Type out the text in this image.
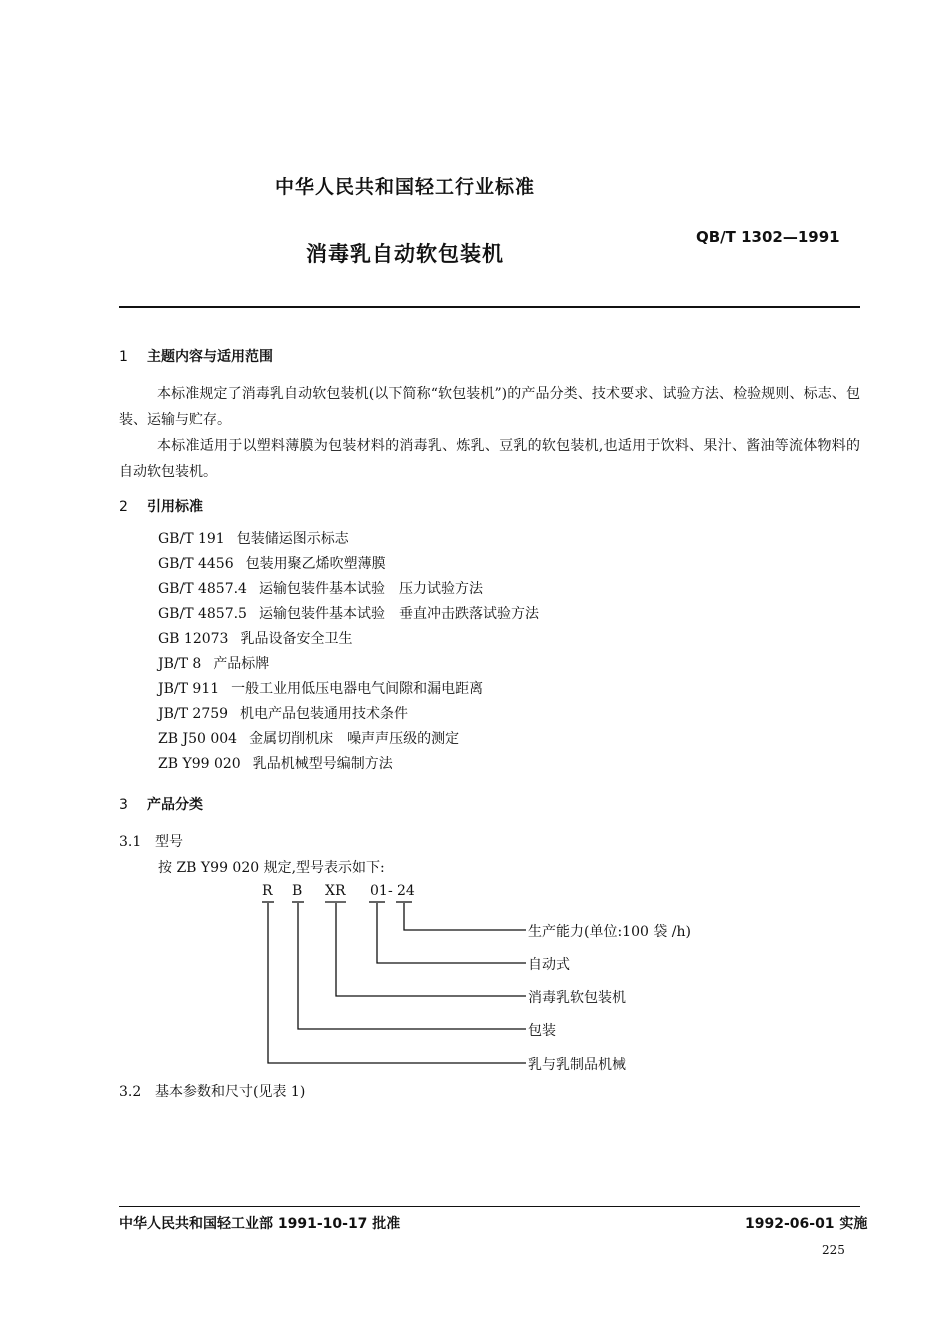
中华人民共和国轻工行业标准
QB/T 1302—1991
消毒乳自动软包装机
1 主题内容与适用范围
本标准规定了消毒乳自动软包装机(以下简称“软包装机”)的产品分类、技术要求、试验方法、检验规则、标志、包装、运输与贮存。
本标准适用于以塑料薄膜为包装材料的消毒乳、炼乳、豆乳的软包装机,也适用于饮料、果汁、酱油等流体物料的自动软包装机。
2 引用标准
GB/T 191 包装储运图示标志
GB/T 4456 包装用聚乙烯吹塑薄膜
GB/T 4857.4 运输包装件基本试验　压力试验方法
GB/T 4857.5 运输包装件基本试验　垂直冲击跌落试验方法
GB 12073 乳品设备安全卫生
JB/T 8 产品标牌
JB/T 911 一般工业用低压电器电气间隙和漏电距离
JB/T 2759 机电产品包装通用技术条件
ZB J50 004 金属切削机床　噪声声压级的测定
ZB Y99 020 乳品机械型号编制方法
3 产品分类
3.1 型号
按 ZB Y99 020 规定,型号表示如下:
R B XR 01 - 24
生产能力(单位:100 袋 /h)
自动式
消毒乳软包装机
包装
乳与乳制品机械
3.2 基本参数和尺寸(见表 1)
中华人民共和国轻工业部 1991-10-17 批准	1992-06-01 实施
225
